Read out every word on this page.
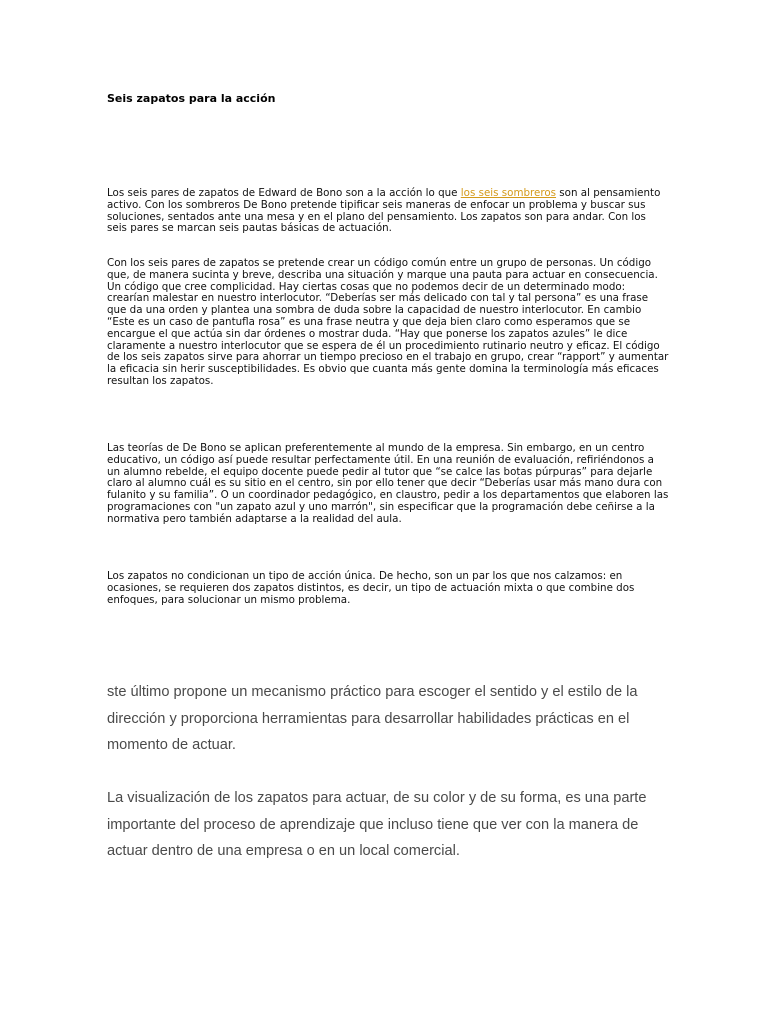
Seis zapatos para la acción

Los seis pares de zapatos de Edward de Bono son a la acción lo que los seis sombreros son al pensamiento activo. Con los sombreros De Bono pretende tipificar seis maneras de enfocar un problema y buscar sus soluciones, sentados ante una mesa y en el plano del pensamiento. Los zapatos son para andar. Con los seis pares se marcan seis pautas básicas de actuación.

Con los seis pares de zapatos se pretende crear un código común entre un grupo de personas. Un código que, de manera sucinta y breve, describa una situación y marque una pauta para actuar en consecuencia. Un código que cree complicidad. Hay ciertas cosas que no podemos decir de un determinado modo: crearían malestar en nuestro interlocutor. “Deberías ser más delicado con tal y tal persona” es una frase que da una orden y plantea una sombra de duda sobre la capacidad de nuestro interlocutor. En cambio “Este es un caso de pantufla rosa” es una frase neutra y que deja bien claro como esperamos que se encargue el que actúa sin dar órdenes o mostrar duda. “Hay que ponerse los zapatos azules” le dice claramente a nuestro interlocutor que se espera de él un procedimiento rutinario neutro y eficaz. El código de los seis zapatos sirve para ahorrar un tiempo precioso en el trabajo en grupo, crear “rapport” y aumentar la eficacia sin herir susceptibilidades. Es obvio que cuanta más gente domina la terminología más eficaces resultan los zapatos.

Las teorías de De Bono se aplican preferentemente al mundo de la empresa. Sin embargo, en un centro educativo, un código así puede resultar perfectamente útil. En una reunión de evaluación, refiriéndonos a un alumno rebelde, el equipo docente puede pedir al tutor que “se calce las botas púrpuras” para dejarle claro al alumno cuál es su sitio en el centro, sin por ello tener que decir “Deberías usar más mano dura con fulanito y su familia”. O un coordinador pedagógico, en claustro, pedir a los departamentos que elaboren las programaciones con "un zapato azul y uno marrón", sin especificar que la programación debe ceñirse a la normativa pero también adaptarse a la realidad del aula.

Los zapatos no condicionan un tipo de acción única. De hecho, son un par los que nos calzamos: en ocasiones, se requieren dos zapatos distintos, es decir, un tipo de actuación mixta o que combine dos enfoques, para solucionar un mismo problema.

ste último propone un mecanismo práctico para escoger el sentido y el estilo de la dirección y proporciona herramientas para desarrollar habilidades prácticas en el momento de actuar.

La visualización de los zapatos para actuar, de su color y de su forma, es una parte importante del proceso de aprendizaje que incluso tiene que ver con la manera de actuar dentro de una empresa o en un local comercial.
